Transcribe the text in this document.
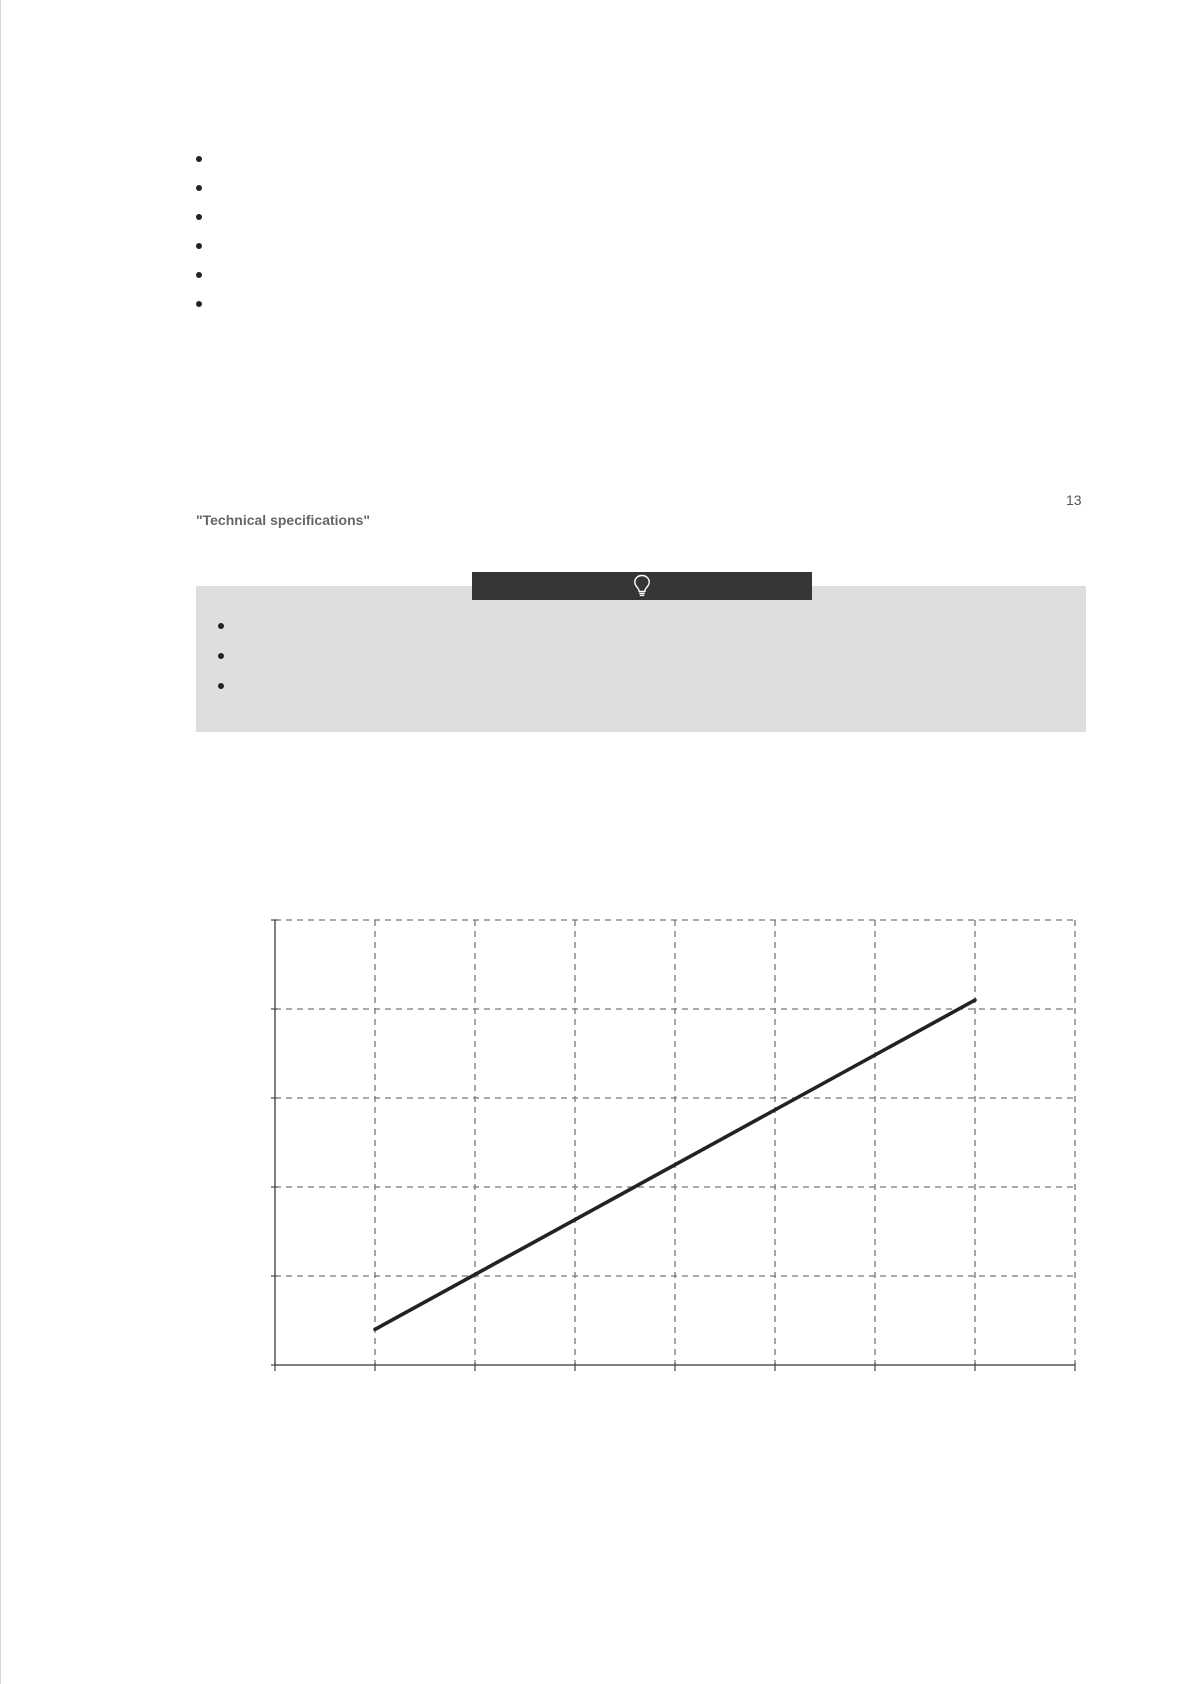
13
"Technical specifications"
